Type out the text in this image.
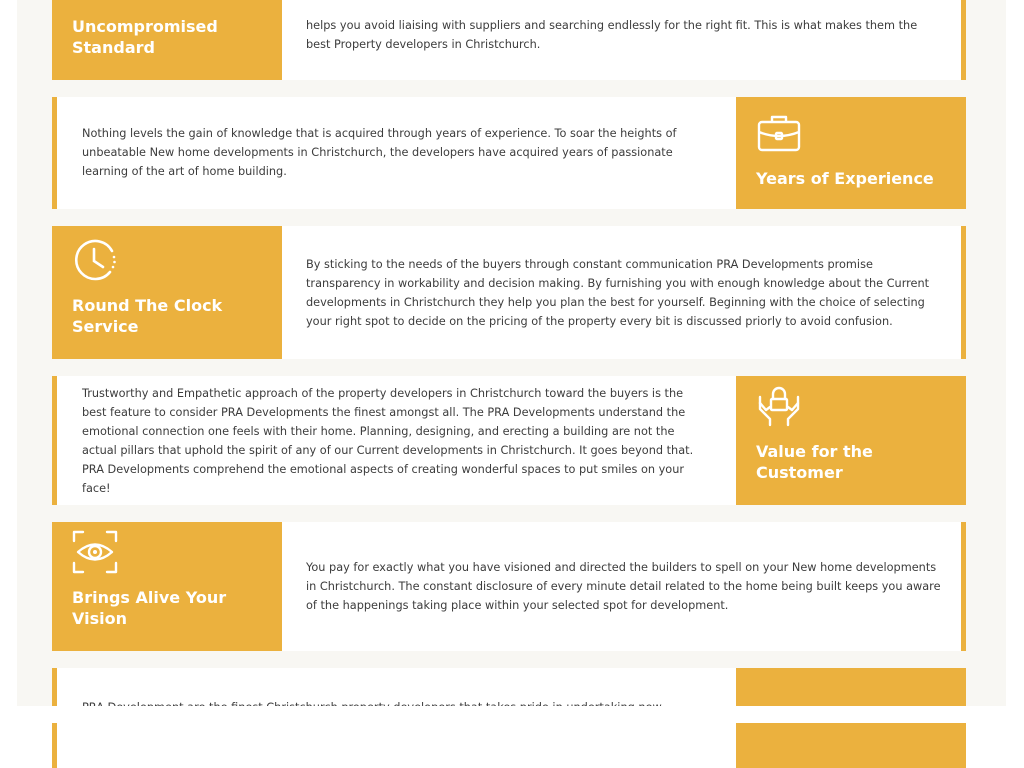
Uncompromised Standard

helps you avoid liaising with suppliers and searching endlessly for the right fit. This is what makes them the best Property developers in Christchurch.

Nothing levels the gain of knowledge that is acquired through years of experience. To soar the heights of unbeatable New home developments in Christchurch, the developers have acquired years of passionate learning of the art of home building.	Years of Experience
Round The Clock Service

By sticking to the needs of the buyers through constant communication PRA Developments promise transparency in workability and decision making. By furnishing you with enough knowledge about the Current developments in Christchurch they help you plan the best for yourself. Beginning with the choice of selecting your right spot to decide on the pricing of the property every bit is discussed priorly to avoid confusion.

Trustworthy and Empathetic approach of the property developers in Christchurch toward the buyers is the best feature to consider PRA Developments the finest amongst all. The PRA Developments understand the emotional connection one feels with their home. Planning, designing, and erecting a building are not the actual pillars that uphold the spirit of any of our Current developments in Christchurch. It goes beyond that. PRA Developments comprehend the emotional aspects of creating wonderful spaces to put smiles on your face!

Value for the Customer
Brings Alive Your Vision

You pay for exactly what you have visioned and directed the builders to spell on your New home developments in Christchurch. The constant disclosure of every minute detail related to the home being built keeps you aware of the happenings taking place within your selected spot for development.
